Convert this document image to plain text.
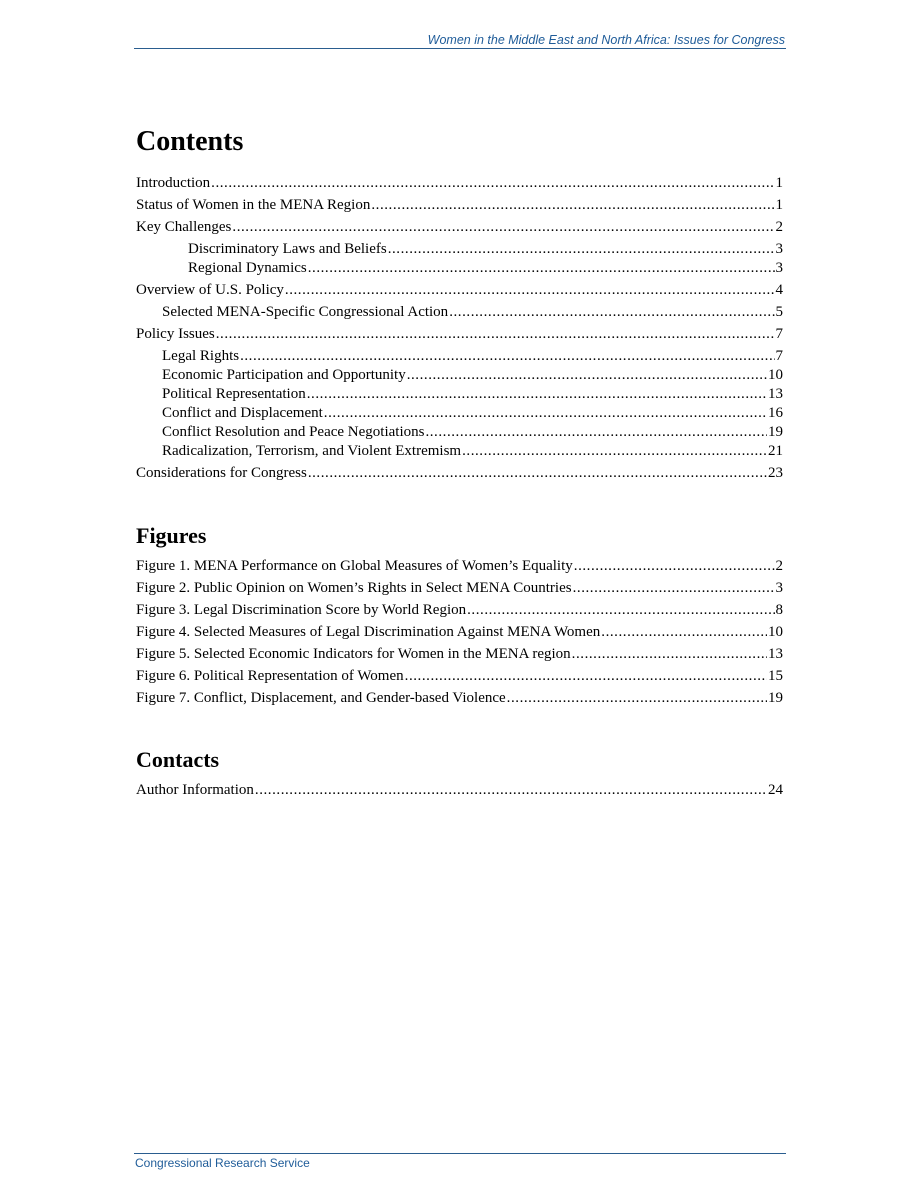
Women in the Middle East and North Africa: Issues for Congress
Contents
Introduction . . .	1
Status of Women in the MENA Region . . .	1
Key Challenges . . .	2
Discriminatory Laws and Beliefs . . .	3
Regional Dynamics . . .	3
Overview of U.S. Policy . . .	4
Selected MENA-Specific Congressional Action . . .	5
Policy Issues . . .	7
Legal Rights . . .	7
Economic Participation and Opportunity . . .	10
Political Representation . . .	13
Conflict and Displacement . . .	16
Conflict Resolution and Peace Negotiations . . .	19
Radicalization, Terrorism, and Violent Extremism . . .	21
Considerations for Congress . . .	23
Figures
Figure 1. MENA Performance on Global Measures of Women’s Equality . . .	2
Figure 2. Public Opinion on Women’s Rights in Select MENA Countries . . .	3
Figure 3. Legal Discrimination Score by World Region . . .	8
Figure 4. Selected Measures of Legal Discrimination Against MENA Women . . .	10
Figure 5. Selected Economic Indicators for Women in the MENA region . . .	13
Figure 6. Political Representation of Women . . .	15
Figure 7. Conflict, Displacement, and Gender-based Violence . . .	19
Contacts
Author Information . . .	24
Congressional Research Service
